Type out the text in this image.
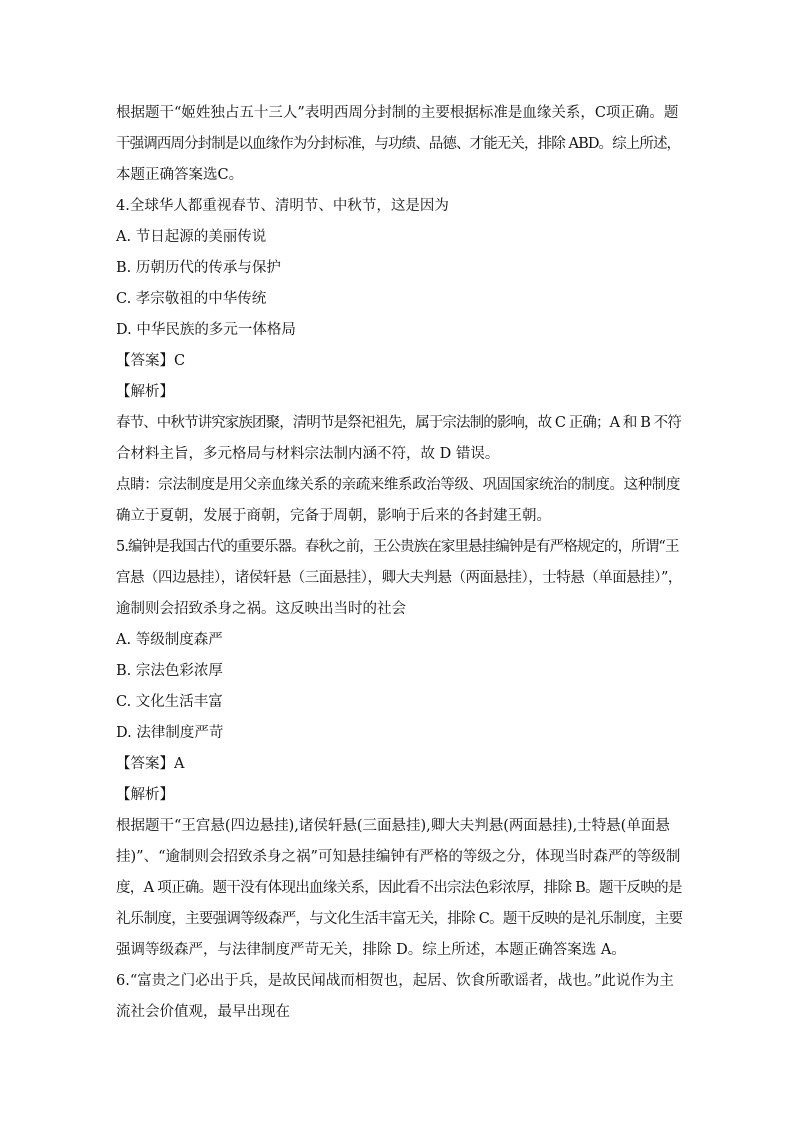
根据题干“姬姓独占五十三人”表明西周分封制的主要根据标准是血缘关系，C项正确。题
干强调西周分封制是以血缘作为分封标准，与功绩、品德、才能无关，排除 ABD。综上所述，
本题正确答案选C。
4.全球华人都重视春节、清明节、中秋节，这是因为
A. 节日起源的美丽传说
B. 历朝历代的传承与保护
C. 孝宗敬祖的中华传统
D. 中华民族的多元一体格局
【答案】C
【解析】
春节、中秋节讲究家族团聚，清明节是祭祀祖先，属于宗法制的影响，故 C 正确；A 和 B 不符
合材料主旨，多元格局与材料宗法制内涵不符，故 D 错误。
点睛：宗法制度是用父亲血缘关系的亲疏来维系政治等级、巩固国家统治的制度。这种制度
确立于夏朝，发展于商朝，完备于周朝，影响于后来的各封建王朝。
5.编钟是我国古代的重要乐器。春秋之前，王公贵族在家里悬挂编钟是有严格规定的，所谓“王
宫悬（四边悬挂），诸侯轩悬（三面悬挂），卿大夫判悬（两面悬挂），士特悬（单面悬挂）”，
逾制则会招致杀身之祸。这反映出当时的社会
A. 等级制度森严
B. 宗法色彩浓厚
C. 文化生活丰富
D. 法律制度严苛
【答案】A
【解析】
根据题干“王宫悬(四边悬挂),诸侯轩悬(三面悬挂),卿大夫判悬(两面悬挂),士特悬(单面悬
挂)”、“逾制则会招致杀身之祸”可知悬挂编钟有严格的等级之分，体现当时森严的等级制
度，A 项正确。题干没有体现出血缘关系，因此看不出宗法色彩浓厚，排除 B。题干反映的是
礼乐制度，主要强调等级森严，与文化生活丰富无关，排除 C。题干反映的是礼乐制度，主要
强调等级森严，与法律制度严苛无关，排除 D。综上所述，本题正确答案选 A。
6.“富贵之门必出于兵，是故民闻战而相贺也，起居、饮食所歌谣者，战也。”此说作为主
流社会价值观，最早出现在
